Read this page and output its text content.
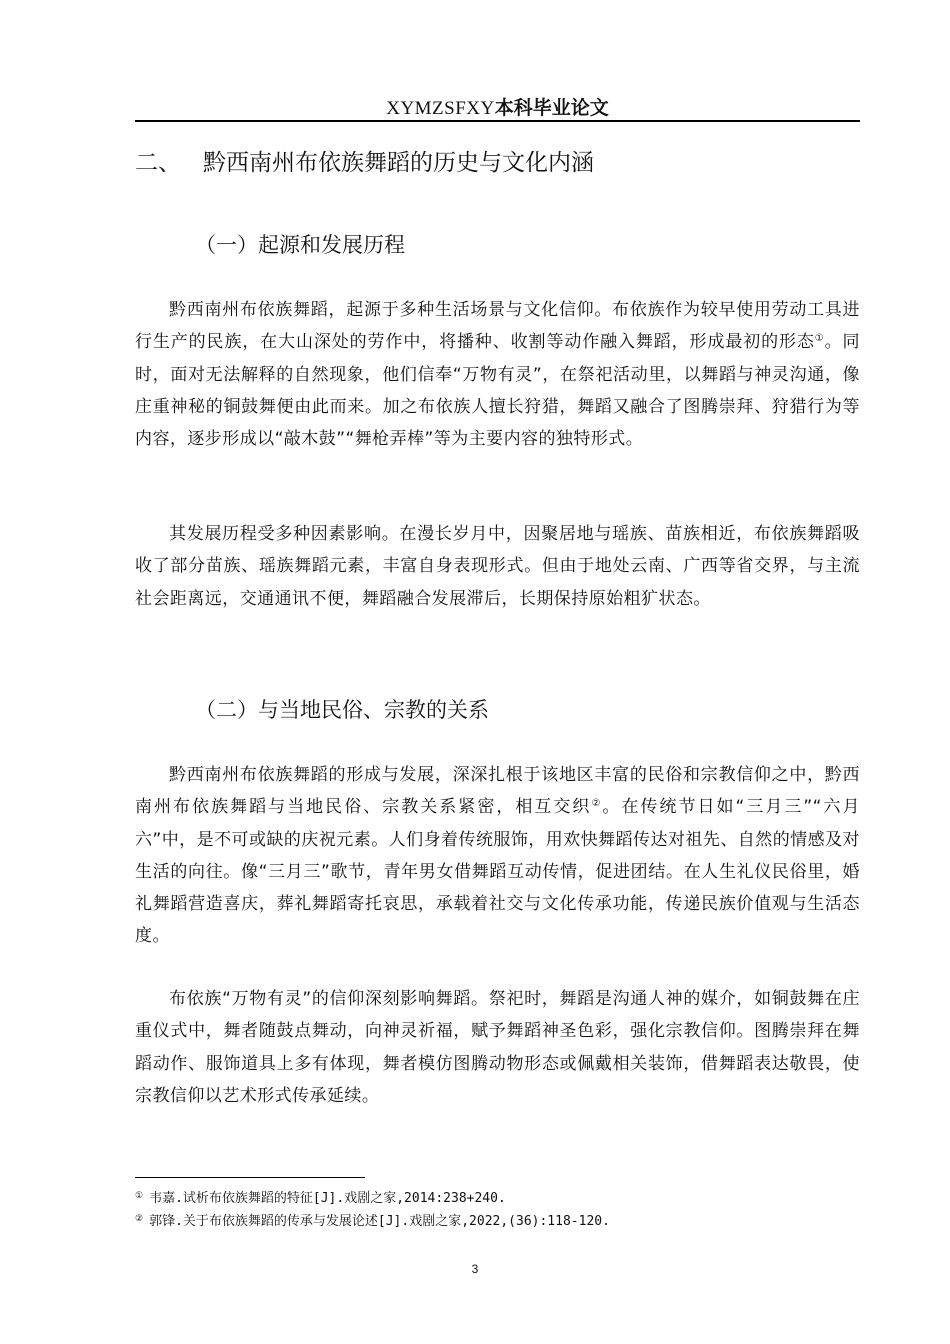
XYMZSFXY本科毕业论文
二、 黔西南州布依族舞蹈的历史与文化内涵
（一）起源和发展历程

黔西南州布依族舞蹈，起源于多种生活场景与文化信仰。布依族作为较早使用劳动工具进行生产的民族，在大山深处的劳作中，将播种、收割等动作融入舞蹈，形成最初的形态①。同时，面对无法解释的自然现象，他们信奉“万物有灵”，在祭祀活动里，以舞蹈与神灵沟通，像庄重神秘的铜鼓舞便由此而来。加之布依族人擅长狩猎，舞蹈又融合了图腾崇拜、狩猎行为等内容，逐步形成以“敲木鼓”“舞枪弄棒”等为主要内容的独特形式。

其发展历程受多种因素影响。在漫长岁月中，因聚居地与瑶族、苗族相近，布依族舞蹈吸收了部分苗族、瑶族舞蹈元素，丰富自身表现形式。但由于地处云南、广西等省交界，与主流社会距离远，交通通讯不便，舞蹈融合发展滞后，长期保持原始粗犷状态。

（二）与当地民俗、宗教的关系

黔西南州布依族舞蹈的形成与发展，深深扎根于该地区丰富的民俗和宗教信仰之中，黔西南州布依族舞蹈与当地民俗、宗教关系紧密，相互交织②。在传统节日如“三月三”“六月六”中，是不可或缺的庆祝元素。人们身着传统服饰，用欢快舞蹈传达对祖先、自然的情感及对生活的向往。像“三月三”歌节，青年男女借舞蹈互动传情，促进团结。在人生礼仪民俗里，婚礼舞蹈营造喜庆，葬礼舞蹈寄托哀思，承载着社交与文化传承功能，传递民族价值观与生活态度。

布依族“万物有灵”的信仰深刻影响舞蹈。祭祀时，舞蹈是沟通人神的媒介，如铜鼓舞在庄重仪式中，舞者随鼓点舞动，向神灵祈福，赋予舞蹈神圣色彩，强化宗教信仰。图腾崇拜在舞蹈动作、服饰道具上多有体现，舞者模仿图腾动物形态或佩戴相关装饰，借舞蹈表达敬畏，使宗教信仰以艺术形式传承延续。

① 韦嘉.试析布依族舞蹈的特征[J].戏剧之家,2014:238+240.
② 郭锋.关于布依族舞蹈的传承与发展论述[J].戏剧之家,2022,(36):118-120.
3
